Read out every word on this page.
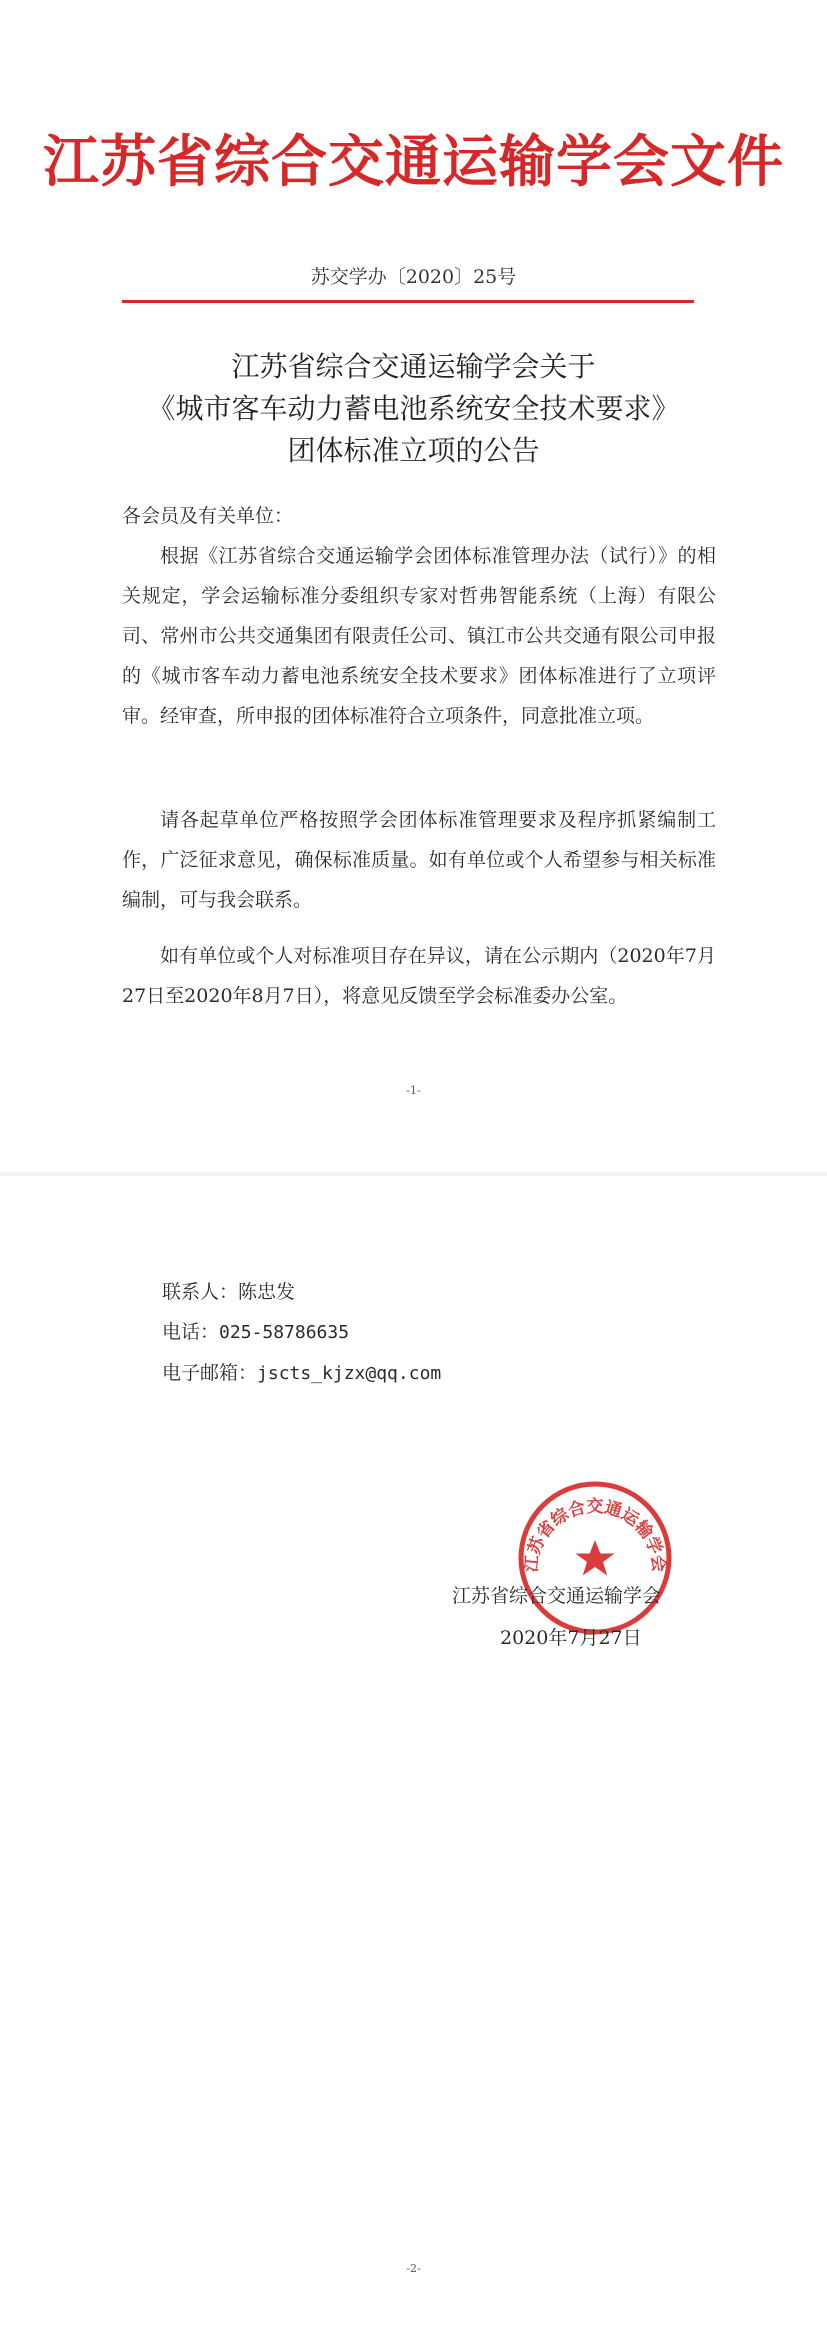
江苏省综合交通运输学会文件
苏交学办〔2020〕25号
江苏省综合交通运输学会关于
《城市客车动力蓄电池系统安全技术要求》
团体标准立项的公告
各会员及有关单位：
根据《江苏省综合交通运输学会团体标准管理办法（试行）》的相关规定，学会运输标准分委组织专家对哲弗智能系统（上海）有限公司、常州市公共交通集团有限责任公司、镇江市公共交通有限公司申报的《城市客车动力蓄电池系统安全技术要求》团体标准进行了立项评审。经审查，所申报的团体标准符合立项条件，同意批准立项。
请各起草单位严格按照学会团体标准管理要求及程序抓紧编制工作，广泛征求意见，确保标准质量。如有单位或个人希望参与相关标准编制，可与我会联系。
如有单位或个人对标准项目存在异议，请在公示期内（2020年7月27日至2020年8月7日），将意见反馈至学会标准委办公室。
-1-
联系人：陈忠发
电话：025-58786635
电子邮箱：jscts_kjzx@qq.com
江苏省综合交通运输学会
江苏省综合交通运输学会
2020年7月27日
-2-
